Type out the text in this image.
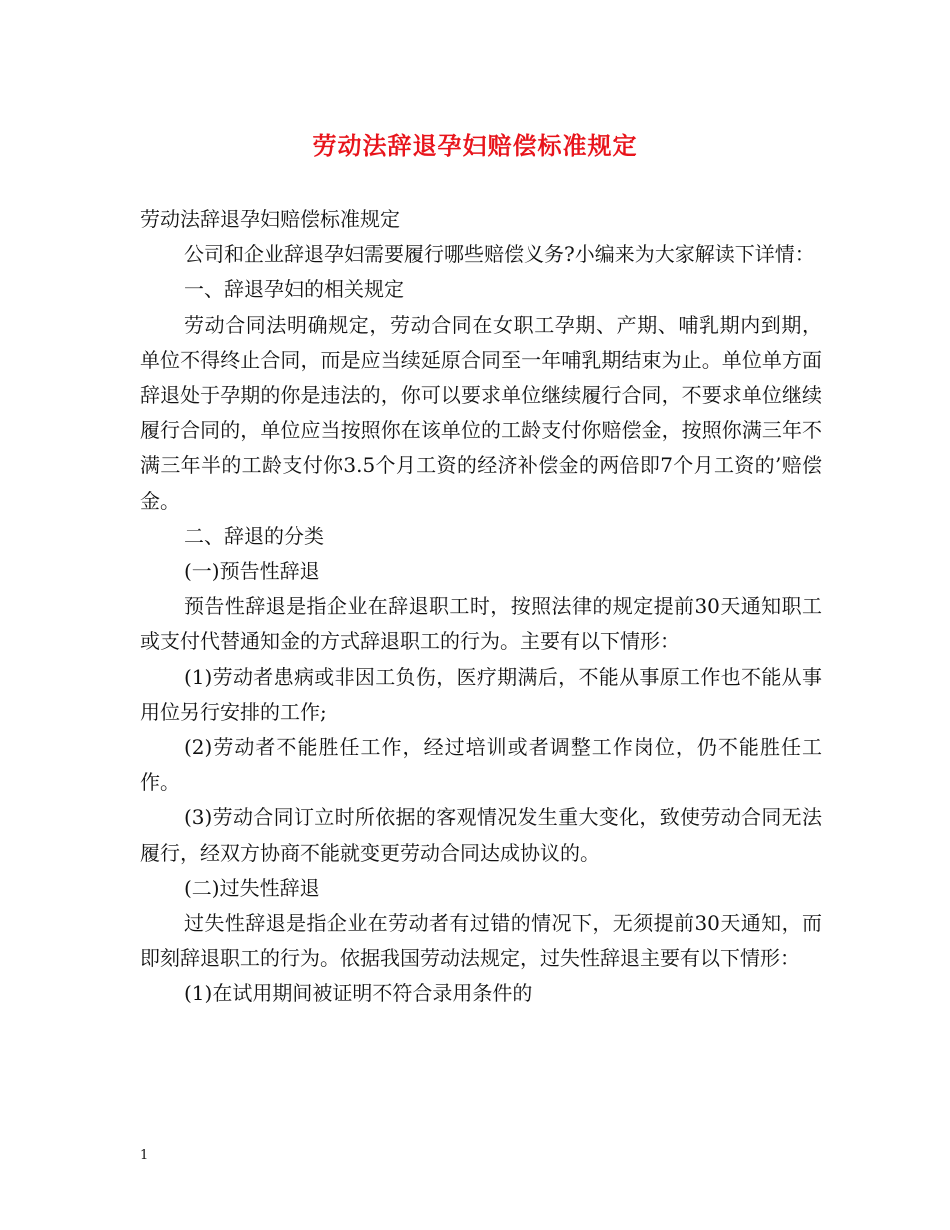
劳动法辞退孕妇赔偿标准规定

劳动法辞退孕妇赔偿标准规定

公司和企业辞退孕妇需要履行哪些赔偿义务?小编来为大家解读下详情：

一、辞退孕妇的相关规定

劳动合同法明确规定，劳动合同在女职工孕期、产期、哺乳期内到期，单位不得终止合同，而是应当续延原合同至一年哺乳期结束为止。单位单方面辞退处于孕期的你是违法的，你可以要求单位继续履行合同，不要求单位继续履行合同的，单位应当按照你在该单位的工龄支付你赔偿金，按照你满三年不满三年半的工龄支付你3.5个月工资的经济补偿金的两倍即7个月工资的’赔偿金。

二、辞退的分类

(一)预告性辞退

预告性辞退是指企业在辞退职工时，按照法律的规定提前30天通知职工或支付代替通知金的方式辞退职工的行为。主要有以下情形：

(1)劳动者患病或非因工负伤，医疗期满后，不能从事原工作也不能从事用位另行安排的工作;

(2)劳动者不能胜任工作，经过培训或者调整工作岗位，仍不能胜任工作。

(3)劳动合同订立时所依据的客观情况发生重大变化，致使劳动合同无法履行，经双方协商不能就变更劳动合同达成协议的。

(二)过失性辞退

过失性辞退是指企业在劳动者有过错的情况下，无须提前30天通知，而即刻辞退职工的行为。依据我国劳动法规定，过失性辞退主要有以下情形：

(1)在试用期间被证明不符合录用条件的

1
